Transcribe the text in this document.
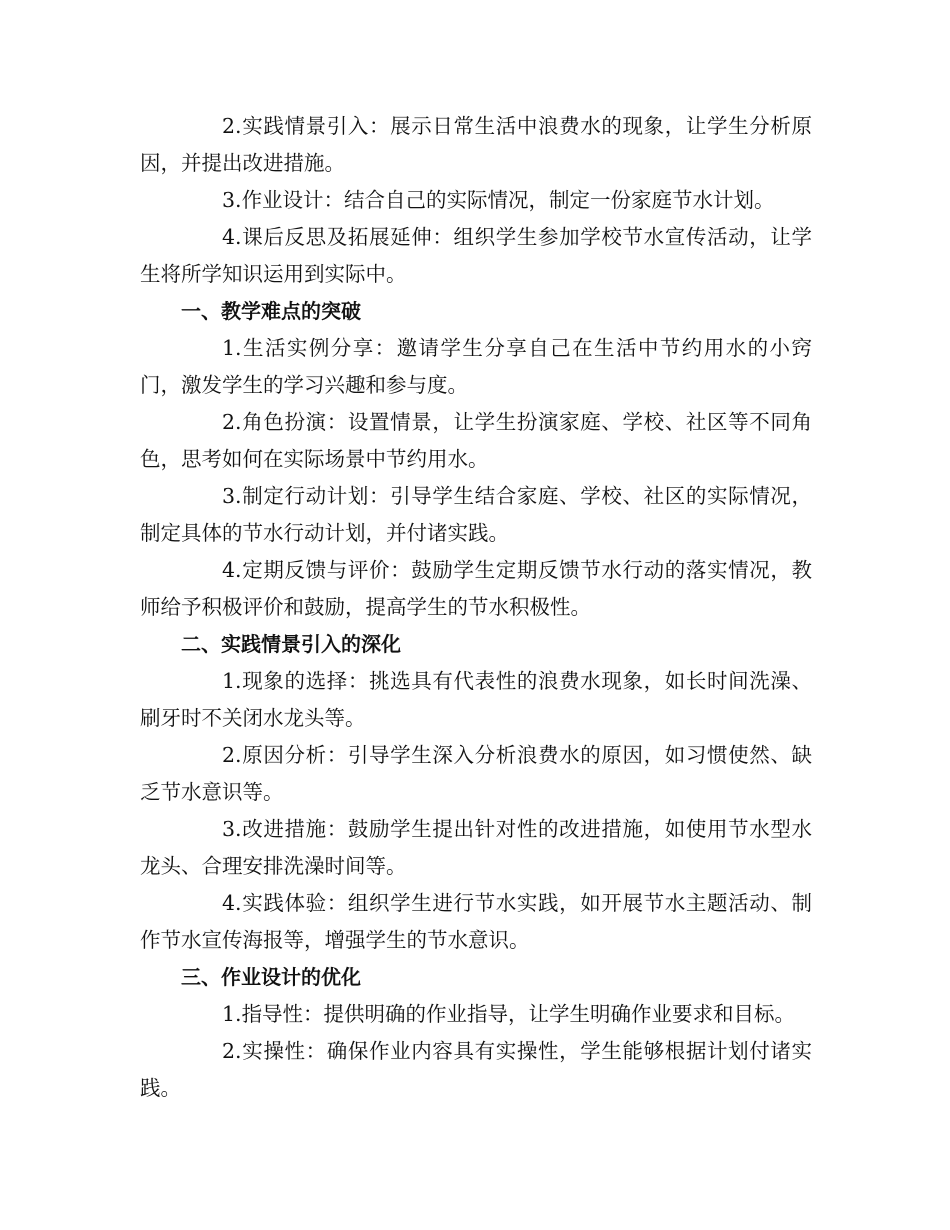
2.实践情景引入：展示日常生活中浪费水的现象，让学生分析原因，并提出改进措施。

3.作业设计：结合自己的实际情况，制定一份家庭节水计划。

4.课后反思及拓展延伸：组织学生参加学校节水宣传活动，让学生将所学知识运用到实际中。

一、教学难点的突破

1.生活实例分享：邀请学生分享自己在生活中节约用水的小窍门，激发学生的学习兴趣和参与度。

2.角色扮演：设置情景，让学生扮演家庭、学校、社区等不同角色，思考如何在实际场景中节约用水。

3.制定行动计划：引导学生结合家庭、学校、社区的实际情况，制定具体的节水行动计划，并付诸实践。

4.定期反馈与评价：鼓励学生定期反馈节水行动的落实情况，教师给予积极评价和鼓励，提高学生的节水积极性。

二、实践情景引入的深化

1.现象的选择：挑选具有代表性的浪费水现象，如长时间洗澡、刷牙时不关闭水龙头等。

2.原因分析：引导学生深入分析浪费水的原因，如习惯使然、缺乏节水意识等。

3.改进措施：鼓励学生提出针对性的改进措施，如使用节水型水龙头、合理安排洗澡时间等。

4.实践体验：组织学生进行节水实践，如开展节水主题活动、制作节水宣传海报等，增强学生的节水意识。

三、作业设计的优化

1.指导性：提供明确的作业指导，让学生明确作业要求和目标。

2.实操性：确保作业内容具有实操性，学生能够根据计划付诸实践。
